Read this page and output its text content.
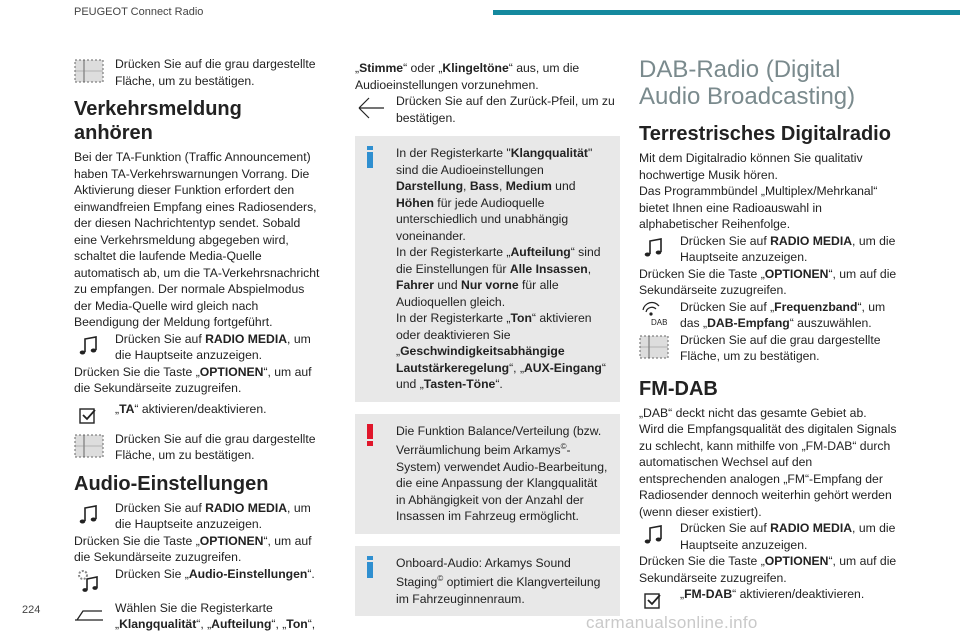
PEUGEOT Connect Radio

Drücken Sie auf die grau dargestellte Fläche, um zu bestätigen.

Verkehrsmeldung anhören

Bei der TA-Funktion (Traffic Announcement) haben TA-Verkehrswarnungen Vorrang. Die Aktivierung dieser Funktion erfordert den einwandfreien Empfang eines Radiosenders, der diesen Nachrichtentyp sendet. Sobald eine Verkehrsmeldung abgegeben wird, schaltet die laufende Media-Quelle automatisch ab, um die TA-Verkehrsnachricht zu empfangen. Der normale Abspielmodus der Media-Quelle wird gleich nach Beendigung der Meldung fortgeführt.

Drücken Sie auf RADIO MEDIA, um die Hauptseite anzuzeigen.

Drücken Sie die Taste „OPTIONEN“, um auf die Sekundärseite zuzugreifen.

„TA“ aktivieren/deaktivieren.

Drücken Sie auf die grau dargestellte Fläche, um zu bestätigen.

Audio-Einstellungen

Drücken Sie auf RADIO MEDIA, um die Hauptseite anzuzeigen.

Drücken Sie die Taste „OPTIONEN“, um auf die Sekundärseite zuzugreifen.

Drücken Sie „Audio-Einstellungen“.

Wählen Sie die Registerkarte „Klangqualität“, „Aufteilung“, „Ton“,

„Stimme“ oder „Klingeltöne“ aus, um die Audioeinstellungen vorzunehmen.

Drücken Sie auf den Zurück-Pfeil, um zu bestätigen.

In der Registerkarte "Klangqualität" sind die Audioeinstellungen Darstellung, Bass, Medium und Höhen für jede Audioquelle unterschiedlich und unabhängig voneinander.

In der Registerkarte „Aufteilung“ sind die Einstellungen für Alle Insassen, Fahrer und Nur vorne für alle Audioquellen gleich.

In der Registerkarte „Ton“ aktivieren oder deaktivieren Sie „Geschwindigkeitsabhängige Lautstärkeregelung“, „AUX-Eingang“ und „Tasten-Töne“.

Die Funktion Balance/Verteilung (bzw. Verräumlichung beim Arkamys©-System) verwendet Audio-Bearbeitung, die eine Anpassung der Klangqualität in Abhängigkeit von der Anzahl der Insassen im Fahrzeug ermöglicht.

Onboard-Audio: Arkamys Sound Staging© optimiert die Klangverteilung im Fahrzeuginnenraum.

DAB-Radio (Digital Audio Broadcasting)
Terrestrisches Digitalradio

Mit dem Digitalradio können Sie qualitativ hochwertige Musik hören.
Das Programmbündel „Multiplex/Mehrkanal“ bietet Ihnen eine Radioauswahl in alphabetischer Reihenfolge.

Drücken Sie auf RADIO MEDIA, um die Hauptseite anzuzeigen.

Drücken Sie die Taste „OPTIONEN“, um auf die Sekundärseite zuzugreifen.

DAB

Drücken Sie auf „Frequenzband“, um das „DAB-Empfang“ auszuwählen.

Drücken Sie auf die grau dargestellte Fläche, um zu bestätigen.

FM-DAB

„DAB“ deckt nicht das gesamte Gebiet ab.
Wird die Empfangsqualität des digitalen Signals zu schlecht, kann mithilfe von „FM-DAB“ durch automatischen Wechsel auf den entsprechenden analogen „FM“-Empfang der Radiosender dennoch weiterhin gehört werden (wenn dieser existiert).

Drücken Sie auf RADIO MEDIA, um die Hauptseite anzuzeigen.

Drücken Sie die Taste „OPTIONEN“, um auf die Sekundärseite zuzugreifen.

„FM-DAB“ aktivieren/deaktivieren.

224
carmanualsonline.info
